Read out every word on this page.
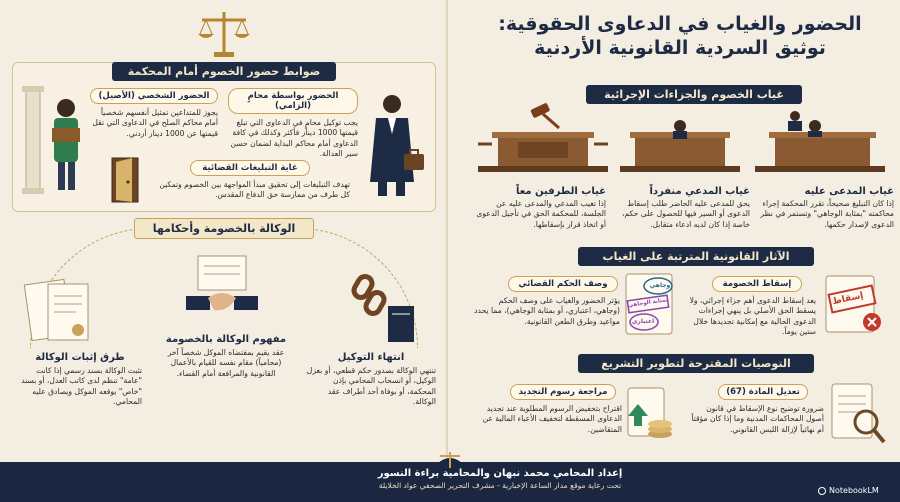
الحضور والغياب في الدعاوى الحقوقية:
توثيق السردية القانونية الأردنية
غياب الخصوم والجزاءات الإجرائية
غياب المدعى عليه
إذا كان التبليغ صحيحاً، تقرر المحكمة إجراء محاكمته "بمثابة الوجاهي" وتستمر في نظر الدعوى لإصدار حكمها.
غياب المدعي منفرداً
يحق للمدعى عليه الحاضر طلب إسقاط الدعوى أو السير فيها للحصول على حكم، خاصة إذا كان لديه ادعاء متقابل.
غياب الطرفين معاً
إذا تغيب المدعي والمدعى عليه عن الجلسة، للمحكمة الحق في تأجيل الدعوى أو اتخاذ قرار بإسقاطها.
الآثار القانونية المترتبة على الغياب
إسقاط
إسقاط الخصومة
يعد إسقاط الدعوى أهم جزاء إجرائي، ولا يسقط الحق الأصلي بل ينهي إجراءات الدعوى الحالية مع إمكانية تجديدها خلال ستين يوماً.
وجاهي
بمثابة الوجاهي
اعتباري
وصف الحكم القضائي
يؤثر الحضور والغياب على وصف الحكم (وجاهي، اعتباري، أو بمثابة الوجاهي)، مما يحدد مواعيد وطرق الطعن القانونية.
التوصيات المقترحة لتطوير التشريع
تعديل المادة (67)
ضرورة توضيح نوع الإسقاط في قانون أصول المحاكمات المدنية وما إذا كان مؤقتاً أم نهائياً لإزالة اللبس القانوني.
مراجعة رسوم التجديد
اقتراح بتخفيض الرسوم المطلوبة عند تجديد الدعاوى المسقطة لتخفيف الأعباء المالية عن المتقاضين.
ضوابط حضور الخصوم أمام المحكمة
الحضور الشخصي (الأصيل)
يجوز للمتداعين تمثيل أنفسهم شخصياً أمام محاكم الصلح في الدعاوى التي تقل قيمتها عن 1000 دينار أردني.
الحضور بواسطة محامٍ (الزامي)
يجب توكيل محامٍ في الدعاوى التي تبلغ قيمتها 1000 دينار فأكثر وكذلك في كافة الدعاوى أمام محاكم البداية لضمان حسن سير العدالة.
غاية التبليغات القضائية
تهدف التبليغات إلى تحقيق مبدأ المواجهة بين الخصوم وتمكين كل طرف من ممارسة حق الدفاع المقدس.
الوكالة بالخصومة وأحكامها
طرق إثبات الوكالة
تثبت الوكالة بسند رسمي إذا كانت "عامة" تنظم لدى كاتب العدل، أو بسند "خاص" يوقعه الموكل ويصادق عليه المحامي.
مفهوم الوكالة بالخصومة
عقد يقيم بمقتضاه الموكل شخصاً آخر (محامياً) مقام نفسه للقيام بالأعمال القانونية والمرافعة أمام القضاء.
انتهاء التوكيل
تنتهي الوكالة بصدور حكم قطعي، أو بعزل الوكيل، أو انسحاب المحامي بإذن المحكمة، أو بوفاة أحد أطراف عقد الوكالة.
إعداد المحامي محمد نبهان والمحامية براءة النسور
تحت رعاية موقع مدار الساعة الإخبارية - مشرف التحرير الصحفي عواد الخلايلة
NotebookLM
